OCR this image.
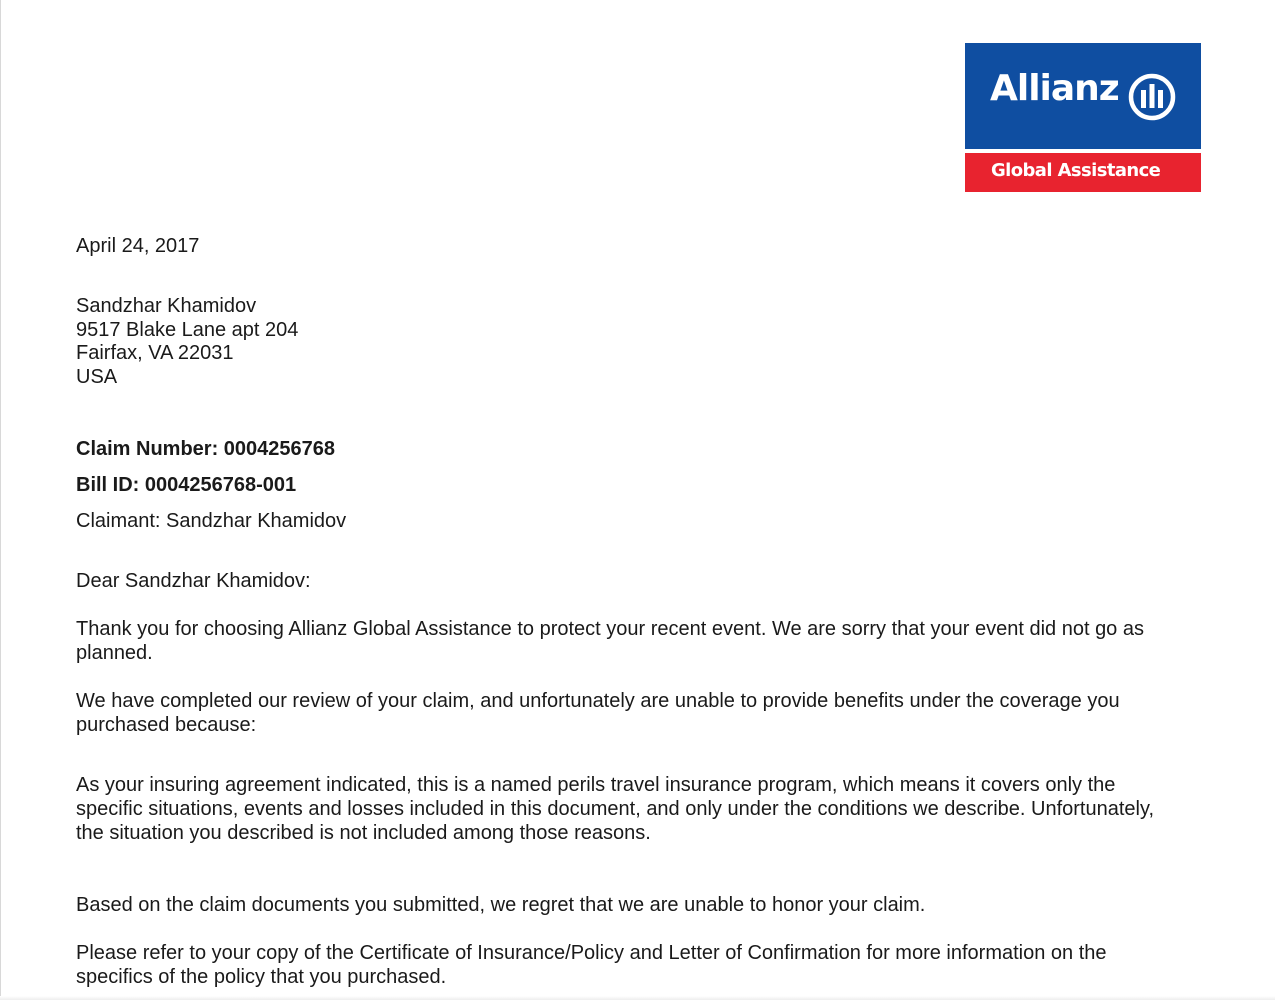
Allianz
Global Assistance
April 24, 2017
Sandzhar Khamidov
9517 Blake Lane apt 204
Fairfax, VA 22031
USA
Claim Number: 0004256768
Bill ID: 0004256768-001
Claimant: Sandzhar Khamidov
Dear Sandzhar Khamidov:
Thank you for choosing Allianz Global Assistance to protect your recent event. We are sorry that your event did not go as
planned.
We have completed our review of your claim, and unfortunately are unable to provide benefits under the coverage you
purchased because:
As your insuring agreement indicated, this is a named perils travel insurance program, which means it covers only the
specific situations, events and losses included in this document, and only under the conditions we describe. Unfortunately,
the situation you described is not included among those reasons.
Based on the claim documents you submitted, we regret that we are unable to honor your claim.
Please refer to your copy of the Certificate of Insurance/Policy and Letter of Confirmation for more information on the
specifics of the policy that you purchased.
